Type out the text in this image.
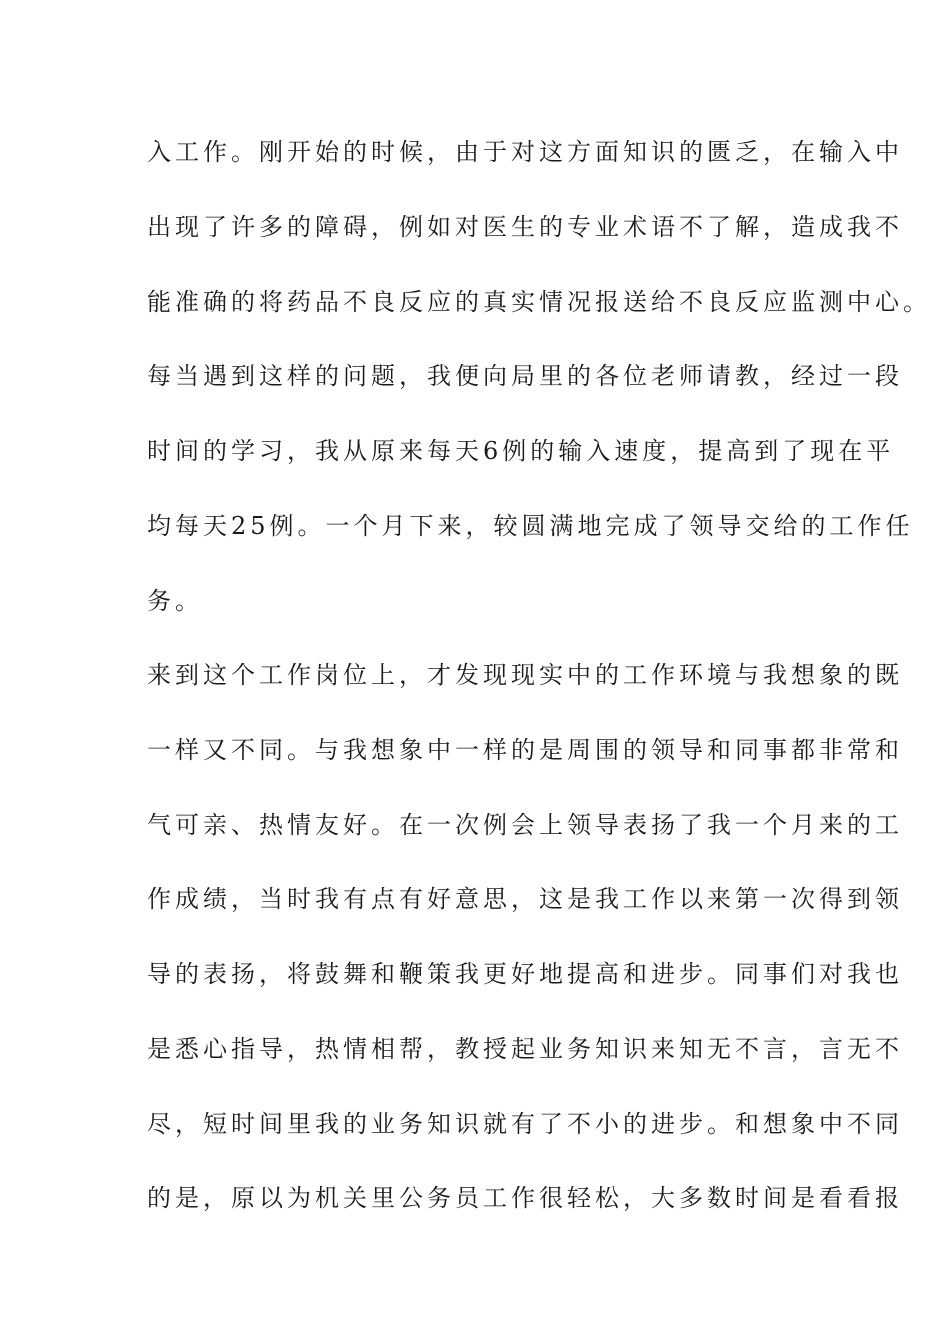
入工作。刚开始的时候，由于对这方面知识的匮乏，在输入中

出现了许多的障碍，例如对医生的专业术语不了解，造成我不

能准确的将药品不良反应的真实情况报送给不良反应监测中心。

每当遇到这样的问题，我便向局里的各位老师请教，经过一段

时间的学习，我从原来每天6例的输入速度，提高到了现在平

均每天25例。一个月下来，较圆满地完成了领导交给的工作任

务。

来到这个工作岗位上，才发现现实中的工作环境与我想象的既

一样又不同。与我想象中一样的是周围的领导和同事都非常和

气可亲、热情友好。在一次例会上领导表扬了我一个月来的工

作成绩，当时我有点有好意思，这是我工作以来第一次得到领

导的表扬，将鼓舞和鞭策我更好地提高和进步。同事们对我也

是悉心指导，热情相帮，教授起业务知识来知无不言，言无不

尽，短时间里我的业务知识就有了不小的进步。和想象中不同

的是，原以为机关里公务员工作很轻松，大多数时间是看看报
